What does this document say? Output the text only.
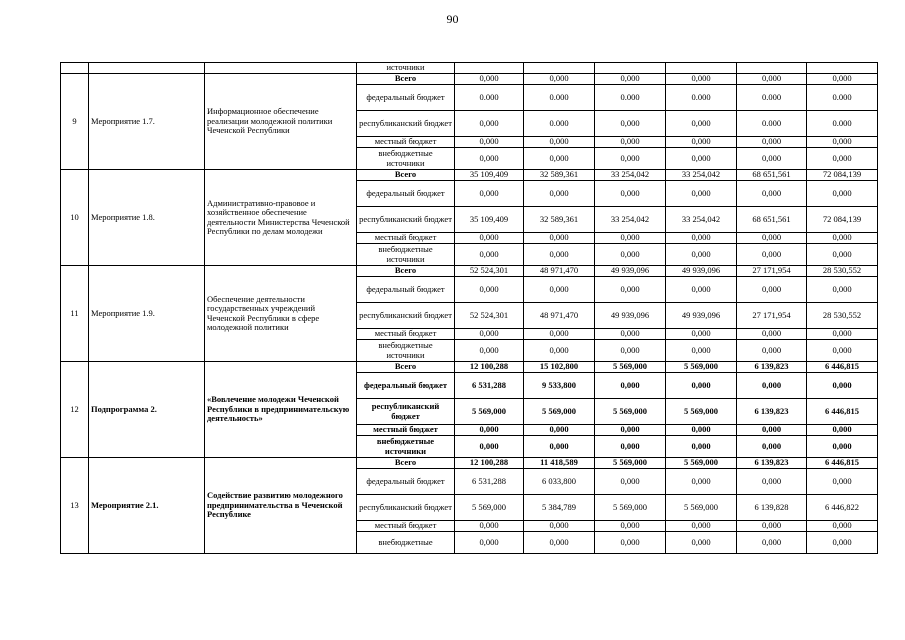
90
			источники						
9	Мероприятие 1.7.	Информационное обеспечение реализации молодежной политики Чеченской Республики	Всего	0,000	0,000	0,000	0,000	0,000	0,000
			федеральный бюджет	0.000	0.000	0.000	0.000	0.000	0.000
			республиканский бюджет	0,000	0.000	0,000	0,000	0.000	0.000
			местный бюджет	0,000	0,000	0,000	0,000	0,000	0,000
			внебюджетные источники	0,000	0,000	0,000	0,000	0,000	0,000
10	Мероприятие 1.8.	Административно-правовое и хозяйственное обеспечение деятельности Министерства Чеченской Республики по делам молодежи	Всего	35 109,409	32 589,361	33 254,042	33 254,042	68 651,561	72 084,139
			федеральный бюджет	0,000	0,000	0,000	0,000	0,000	0,000
			республиканский бюджет	35 109,409	32 589,361	33 254,042	33 254,042	68 651,561	72 084,139
			местный бюджет	0,000	0,000	0,000	0,000	0,000	0,000
			внебюджетные источники	0,000	0,000	0,000	0,000	0,000	0,000
11	Мероприятие 1.9.	Обеспечение деятельности государственных учреждений Чеченской Республики в сфере молодежной политики	Всего	52 524,301	48 971,470	49 939,096	49 939,096	27 171,954	28 530,552
			федеральный бюджет	0,000	0,000	0,000	0,000	0,000	0,000
			республиканский бюджет	52 524,301	48 971,470	49 939,096	49 939,096	27 171,954	28 530,552
			местный бюджет	0,000	0,000	0,000	0,000	0,000	0,000
			внебюджетные источники	0,000	0,000	0,000	0,000	0,000	0,000
12	Подпрограмма 2.	«Вовлечение молодежи Чеченской Республики в предпринимательскую деятельность»	Всего	12 100,288	15 102,800	5 569,000	5 569,000	6 139,823	6 446,815
			федеральный бюджет	6 531,288	9 533,800	0,000	0,000	0,000	0,000
			республиканский бюджет	5 569,000	5 569,000	5 569,000	5 569,000	6 139,823	6 446,815
			местный бюджет	0,000	0,000	0,000	0,000	0,000	0,000
			внебюджетные источники	0,000	0,000	0,000	0,000	0,000	0,000
13	Мероприятие 2.1.	Содействие развитию молодежного предпринимательства в Чеченской Республике	Всего	12 100,288	11 418,589	5 569,000	5 569,000	6 139,823	6 446,815
			федеральный бюджет	6 531,288	6 033,800	0,000	0,000	0,000	0,000
			республиканский бюджет	5 569,000	5 384,789	5 569,000	5 569,000	6 139,828	6 446,822
			местный бюджет	0,000	0,000	0,000	0,000	0,000	0,000
			внебюджетные	0,000	0,000	0,000	0,000	0,000	0,000
